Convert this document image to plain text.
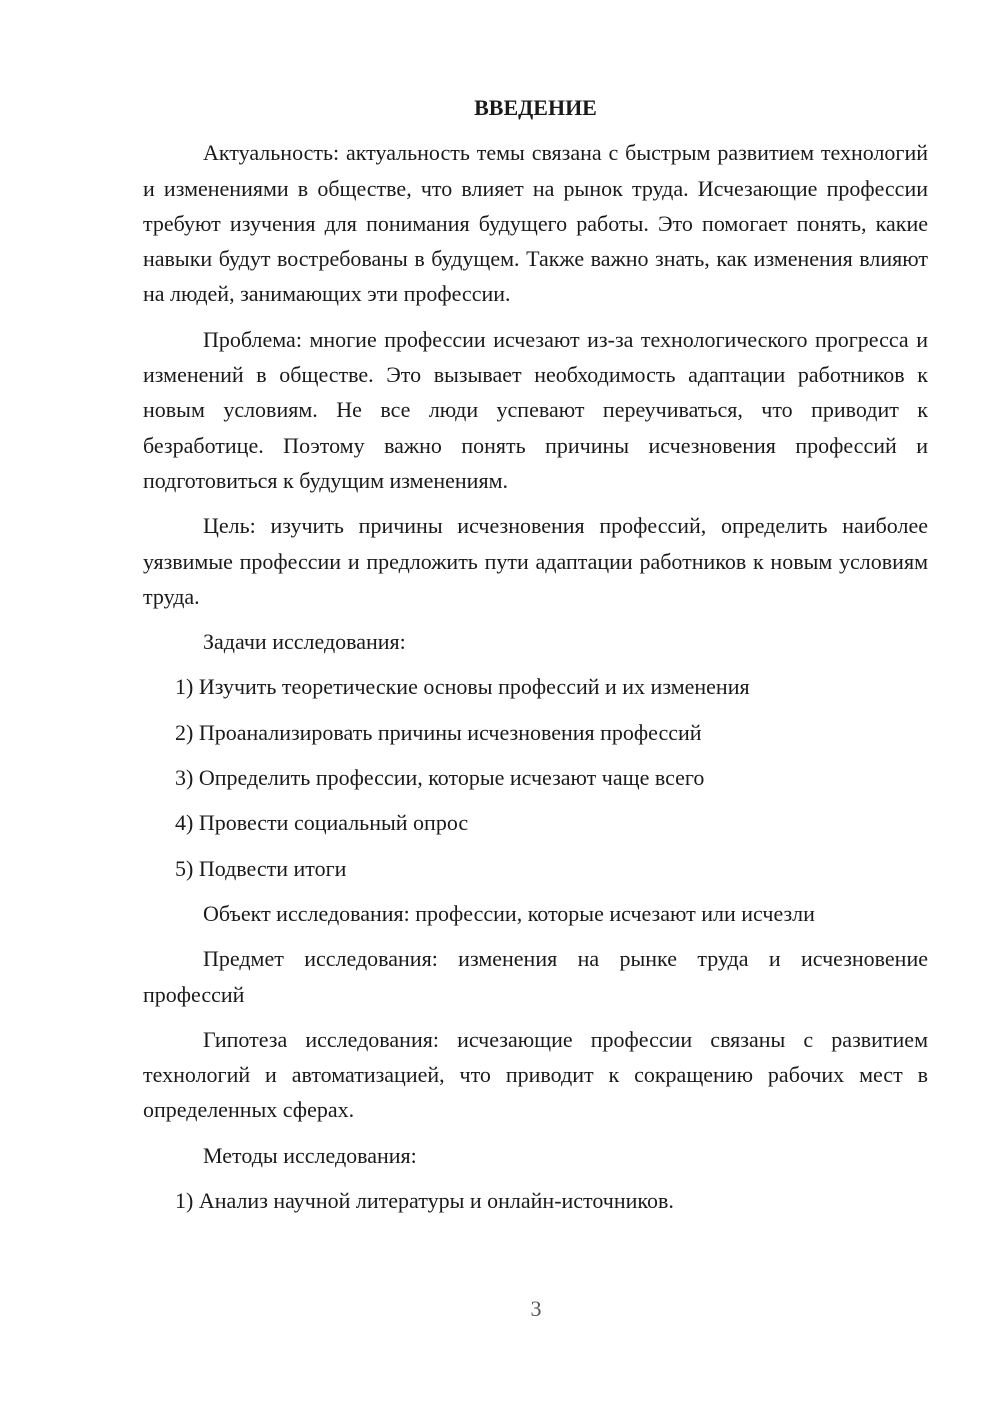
ВВЕДЕНИЕ
Актуальность: актуальность темы связана с быстрым развитием технологий и изменениями в обществе, что влияет на рынок труда. Исчезающие профессии требуют изучения для понимания будущего работы. Это помогает понять, какие навыки будут востребованы в будущем. Также важно знать, как изменения влияют на людей, занимающих эти профессии.
Проблема: многие профессии исчезают из-за технологического прогресса и изменений в обществе. Это вызывает необходимость адаптации работников к новым условиям. Не все люди успевают переучиваться, что приводит к безработице. Поэтому важно понять причины исчезновения профессий и подготовиться к будущим изменениям.
Цель: изучить причины исчезновения профессий, определить наиболее уязвимые профессии и предложить пути адаптации работников к новым условиям труда.
Задачи исследования:
1) Изучить теоретические основы профессий и их изменения
2) Проанализировать причины исчезновения профессий
3) Определить профессии, которые исчезают чаще всего
4) Провести социальный опрос
5) Подвести итоги
Объект исследования: профессии, которые исчезают или исчезли
Предмет исследования: изменения на рынке труда и исчезновение профессий
Гипотеза исследования: исчезающие профессии связаны с развитием технологий и автоматизацией, что приводит к сокращению рабочих мест в определенных сферах.
Методы исследования:
1) Анализ научной литературы и онлайн-источников.
3
